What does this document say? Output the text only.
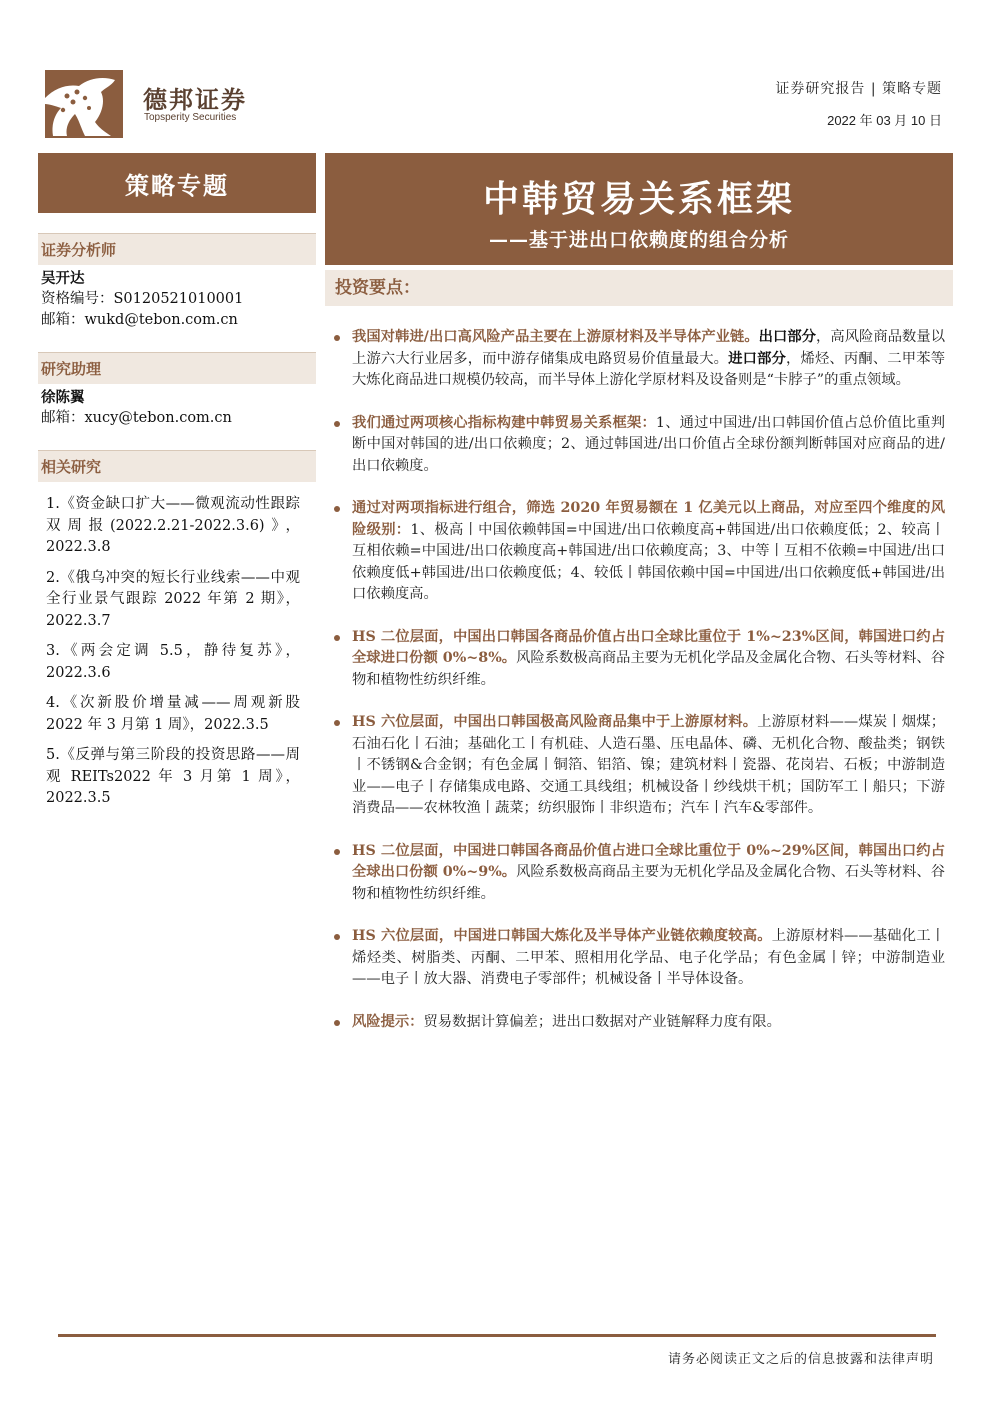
德邦证券
Topsperity Securities
证券研究报告 | 策略专题
2022 年 03 月 10 日
策略专题	中韩贸易关系框架
——基于进出口依赖度的组合分析
证券分析师
吴开达
资格编号：S0120521010001
邮箱：wukd@tebon.com.cn
研究助理
徐陈翼
邮箱：xucy@tebon.com.cn
相关研究
1.《资金缺口扩大——微观流动性跟踪双周报(2022.2.21-2022.3.6)》，2022.3.8
2.《俄乌冲突的短长行业线索——中观全行业景气跟踪 2022 年第 2 期》，2022.3.7
3.《两会定调 5.5，静待复苏》，2022.3.6
4.《次新股价增量减——周观新股 2022 年 3 月第 1 周》，2022.3.5
5.《反弹与第三阶段的投资思路——周观 REITs2022 年 3 月第 1 周》，2022.3.5
投资要点：
我国对韩进/出口高风险产品主要在上游原材料及半导体产业链。出口部分，高风险商品数量以上游六大行业居多，而中游存储集成电路贸易价值量最大。进口部分，烯烃、丙酮、二甲苯等大炼化商品进口规模仍较高，而半导体上游化学原材料及设备则是“卡脖子”的重点领域。
我们通过两项核心指标构建中韩贸易关系框架：1、通过中国进/出口韩国价值占总价值比重判断中国对韩国的进/出口依赖度；2、通过韩国进/出口价值占全球份额判断韩国对应商品的进/出口依赖度。
通过对两项指标进行组合，筛选 2020 年贸易额在 1 亿美元以上商品，对应至四个维度的风险级别：1、极高丨中国依赖韩国=中国进/出口依赖度高+韩国进/出口依赖度低；2、较高丨互相依赖=中国进/出口依赖度高+韩国进/出口依赖度高；3、中等丨互相不依赖=中国进/出口依赖度低+韩国进/出口依赖度低；4、较低丨韩国依赖中国=中国进/出口依赖度低+韩国进/出口依赖度高。
HS 二位层面，中国出口韩国各商品价值占出口全球比重位于 1%~23%区间，韩国进口约占全球进口份额 0%~8%。风险系数极高商品主要为无机化学品及金属化合物、石头等材料、谷物和植物性纺织纤维。
HS 六位层面，中国出口韩国极高风险商品集中于上游原材料。上游原材料——煤炭丨烟煤；石油石化丨石油；基础化工丨有机硅、人造石墨、压电晶体、磷、无机化合物、酸盐类；钢铁丨不锈钢&合金钢；有色金属丨铜箔、铝箔、镍；建筑材料丨瓷器、花岗岩、石板；中游制造业——电子丨存储集成电路、交通工具线组；机械设备丨纱线烘干机；国防军工丨船只；下游消费品——农林牧渔丨蔬菜；纺织服饰丨非织造布；汽车丨汽车&零部件。
HS 二位层面，中国进口韩国各商品价值占进口全球比重位于 0%~29%区间，韩国出口约占全球出口份额 0%~9%。风险系数极高商品主要为无机化学品及金属化合物、石头等材料、谷物和植物性纺织纤维。
HS 六位层面，中国进口韩国大炼化及半导体产业链依赖度较高。上游原材料——基础化工丨烯烃类、树脂类、丙酮、二甲苯、照相用化学品、电子化学品；有色金属丨锌；中游制造业——电子丨放大器、消费电子零部件；机械设备丨半导体设备。
风险提示：贸易数据计算偏差；进出口数据对产业链解释力度有限。
请务必阅读正文之后的信息披露和法律声明
